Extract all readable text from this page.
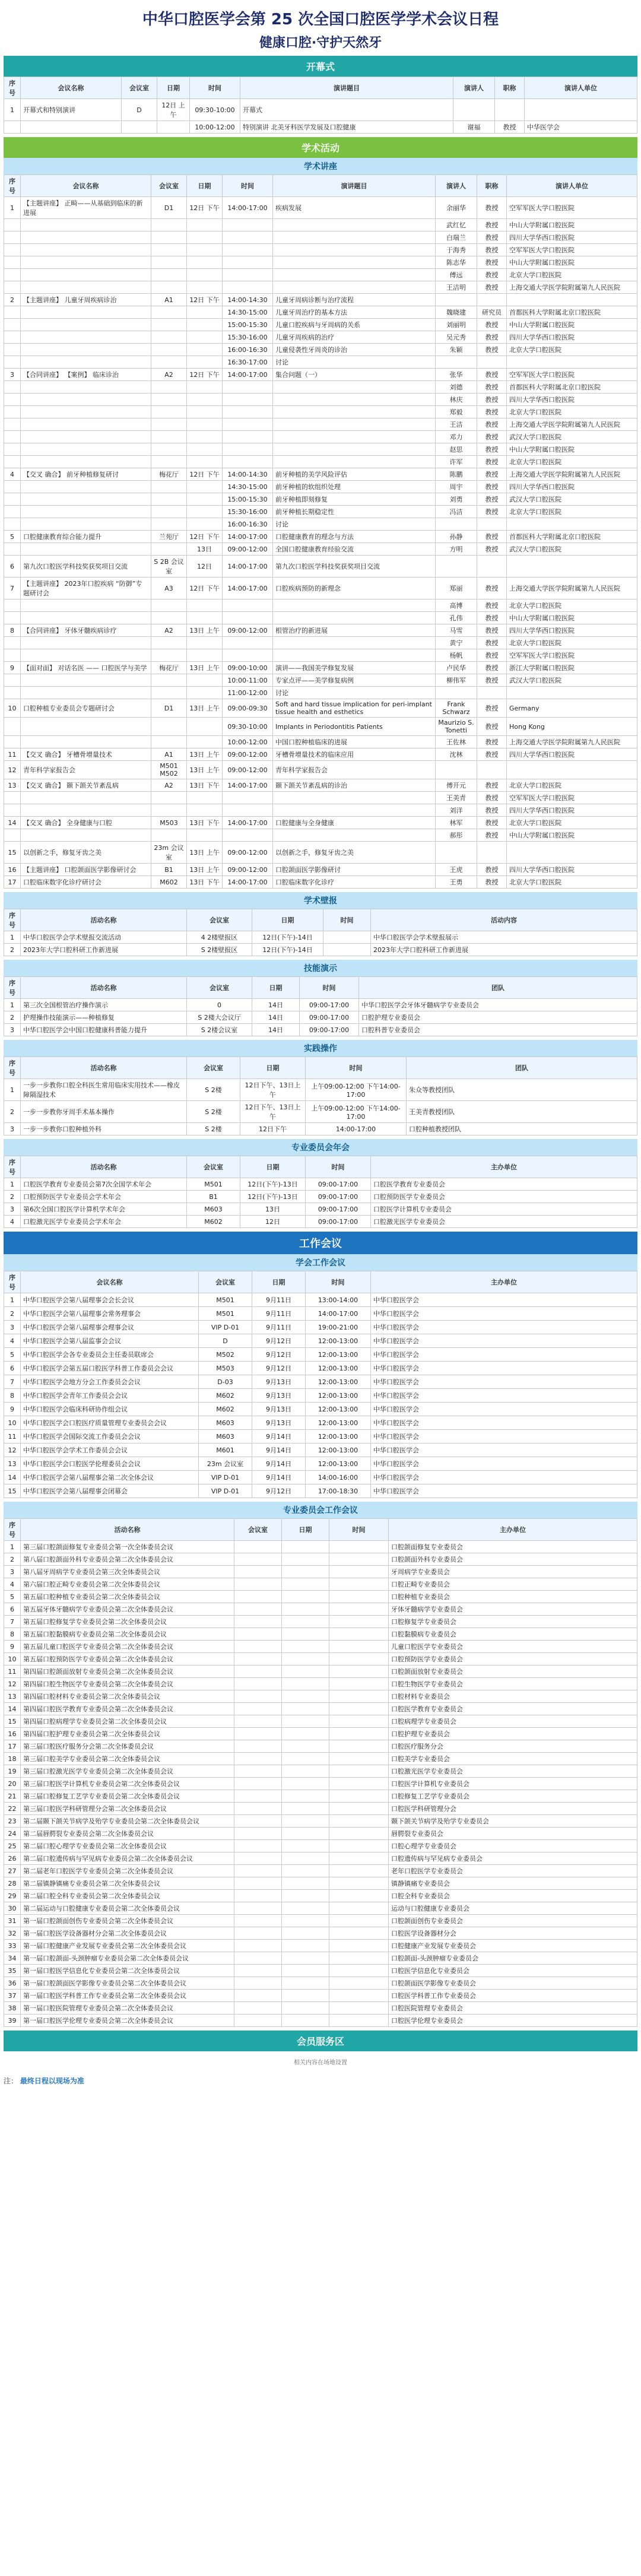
中华口腔医学会第 25 次全国口腔医学学术会议日程
健康口腔·守护天然牙
开幕式
序号	会议名称	会议室	日期	时间	演讲题目	演讲人	职称	演讲人单位
1	开幕式和特别演讲	D	12日 上午	09:30-10:00	开幕式			
				10:00-12:00	特别演讲 北美牙科医学发展及口腔健康	谢福	教授	中华医学会
学术活动
学术讲座
序号	会议名称	会议室	日期	时间	演讲题目	演讲人	职称	演讲人单位
1	【主题讲座】 正畸——从基础到临床的新进展	D1	12日 下午	14:00-17:00	疾病发展	余丽华	教授	空军军医大学口腔医院
						武红忆	教授	中山大学附属口腔医院
						白瑞兰	教授	四川大学华西口腔医院
						于海秀	教授	空军军医大学口腔医院
						陈志华	教授	中山大学附属口腔医院
						傅远	教授	北京大学口腔医院
						王洁明	教授	上海交通大学医学院附属第九人民医院
2	【主题讲座】 儿童牙周疾病诊治	A1	12日 下午	14:00-14:30	儿童牙周病诊断与治疗流程			
				14:30-15:00	儿童牙周治疗的基本方法	魏晓建	研究员	首都医科大学附属北京口腔医院
				15:00-15:30	儿童口腔疾病与牙周病的关系	刘丽明	教授	中山大学附属口腔医院
				15:30-16:00	儿童牙周疾病的治疗	吴元秀	教授	四川大学华西口腔医院
				16:00-16:30	儿童侵袭性牙周炎的诊治	朱颖	教授	北京大学口腔医院
				16:30-17:00	讨论			
3	【合同讲座】 【案例】 临床诊治	A2	12日 下午	14:00-17:00	集合问题（一）	张华	教授	空军军医大学口腔医院
						刘德	教授	首都医科大学附属北京口腔医院
						林庆	教授	四川大学华西口腔医院
						郑毅	教授	北京大学口腔医院
						王洁	教授	上海交通大学医学院附属第九人民医院
						邓力	教授	武汉大学口腔医院
						赵思	教授	中山大学附属口腔医院
						许军	教授	北京大学口腔医院
4	【交叉 确合】 前牙种植修复研讨	梅花厅	12日 下午	14:00-14:30	前牙种植的美学风险评估	陈鹏	教授	上海交通大学医学院附属第九人民医院
				14:30-15:00	前牙种植的软组织处理	周宇	教授	四川大学华西口腔医院
				15:00-15:30	前牙种植即刻修复	刘勇	教授	武汉大学口腔医院
				15:30-16:00	前牙种植长期稳定性	冯洁	教授	北京大学口腔医院
				16:00-16:30	讨论			
5	口腔健康教育综合能力提升	兰苑厅	12日 下午	14:00-17:00	口腔健康教育的理念与方法	孙静	教授	首都医科大学附属北京口腔医院
			13日	09:00-12:00	全国口腔健康教育经验交流	方明	教授	武汉大学口腔医院
6	第九次口腔医学科技奖获奖项目交流	S 2B 会议室	12日	14:00-17:00	第九次口腔医学科技奖获奖项目交流			
7	【主题讲座】 2023年口腔疾病 “防御”专题研讨会	A3	12日 下午	14:00-17:00	口腔疾病预防的新理念	郑丽	教授	上海交通大学医学院附属第九人民医院
						高博	教授	北京大学口腔医院
						孔伟	教授	中山大学附属口腔医院
8	【合同讲座】 牙体牙髓疾病诊疗	A2	13日 上午	09:00-12:00	根管治疗的新进展	马雪	教授	四川大学华西口腔医院
						黄宁	教授	北京大学口腔医院
						杨帆	教授	空军军医大学口腔医院
9	【面对面】 对话名医 —— 口腔医学与美学	梅花厅	13日 上午	09:00-10:00	演讲——我国美学修复发展	卢民华	教授	浙江大学附属口腔医院
				10:00-11:00	专家点评——美学修复病例	柳伟军	教授	武汉大学口腔医院
				11:00-12:00	讨论			
10	口腔种植专业委员会专题研讨会	D1	13日 上午	09:00-09:30	Soft and hard tissue implication for peri-implant tissue health and esthetics	Frank Schwarz	教授	Germany
				09:30-10:00	Implants in Periodontitis Patients	Maurizio S. Tonetti	教授	Hong Kong
				10:00-12:00	中国口腔种植临床的进展	王佐林	教授	上海交通大学医学院附属第九人民医院
11	【交叉 确合】 牙槽骨增量技术	A1	13日 上午	09:00-12:00	牙槽骨增量技术的临床应用	沈林	教授	四川大学华西口腔医院
12	青年科学家报告会	M501 M502	13日 上午	09:00-12:00	青年科学家报告会			
13	【交叉 确合】 颞下颌关节紊乱病	A2	13日 下午	14:00-17:00	颞下颌关节紊乱病的诊治	傅开元	教授	北京大学口腔医院
						王美青	教授	空军军医大学口腔医院
						刘洋	教授	四川大学华西口腔医院
14	【交叉 确合】 全身健康与口腔	M503	13日 下午	14:00-17:00	口腔健康与全身健康	林军	教授	北京大学口腔医院
						郝彤	教授	中山大学附属口腔医院
15	以创新之手，修复牙齿之美	23m 会议室	13日 上午	09:00-12:00	以创新之手，修复牙齿之美			
16	【主题讲座】 口腔颌面医学影像研讨会	B1	13日 上午	09:00-12:00	口腔颌面医学影像研讨	王虎	教授	四川大学华西口腔医院
17	口腔临床数字化诊疗研讨会	M602	13日 下午	14:00-17:00	口腔临床数字化诊疗	王勇	教授	北京大学口腔医院
学术壁报
序号	活动名称	会议室	日期	时间	活动内容
1	中华口腔医学会学术壁报交流活动	4 2楼壁报区	12日(下午)-14日		中华口腔医学会学术壁报展示
2	2023年大学口腔科研工作新进展	S 2楼壁报区	12日(下午)-14日		2023年大学口腔科研工作新进展
技能演示
序号	活动名称	会议室	日期	时间	团队
1	第三次全国根管治疗操作演示	0	14日	09:00-17:00	中华口腔医学会牙体牙髓病学专业委员会
2	护理操作技能演示——种植修复	S 2楼大会议厅	14日	09:00-17:00	口腔护理专业委员会
3	中华口腔医学会中国口腔健康科普能力提升	S 2楼会议室	14日	09:00-17:00	口腔科普专业委员会
实践操作
序号	活动名称	会议室	日期	时间	团队
1	一步一步教你口腔全科医生常用临床实用技术——橡皮障隔湿技术	S 2楼	12日下午、13日上午	上午09:00-12:00 下午14:00-17:00	朱众等教授团队
2	一步一步教你牙周手术基本操作	S 2楼	12日下午、13日上午	上午09:00-12:00 下午14:00-17:00	王美青教授团队
3	一步一步教你口腔种植外科	S 2楼	12日下午	14:00-17:00	口腔种植教授团队
专业委员会年会
序号	活动名称	会议室	日期	时间	主办单位
1	口腔医学教育专业委员会第7次全国学术年会	M501	12日(下午)-13日	09:00-17:00	口腔医学教育专业委员会
2	口腔预防医学专业委员会学术年会	B1	12日(下午)-13日	09:00-17:00	口腔预防医学专业委员会
3	第6次全国口腔医学计算机学术年会	M603	13日	09:00-17:00	口腔医学计算机专业委员会
4	口腔激光医学专业委员会学术年会	M602	12日	09:00-17:00	口腔激光医学专业委员会
工作会议
学会工作会议
序号	会议名称	会议室	日期	时间	主办单位
1	中华口腔医学会第八届理事会会长会议	M501	9月11日	13:00-14:00	中华口腔医学会
2	中华口腔医学会第八届理事会常务理事会	M501	9月11日	14:00-17:00	中华口腔医学会
3	中华口腔医学会第八届理事会理事会议	VIP D-01	9月11日	19:00-21:00	中华口腔医学会
4	中华口腔医学会第八届监事会会议	D	9月12日	12:00-13:00	中华口腔医学会
5	中华口腔医学会各专业委员会主任委员联席会	M502	9月12日	12:00-13:00	中华口腔医学会
6	中华口腔医学会第五届口腔医学科普工作委员会会议	M503	9月12日	12:00-13:00	中华口腔医学会
7	中华口腔医学会地方分会工作委员会会议	D-03	9月13日	12:00-13:00	中华口腔医学会
8	中华口腔医学会青年工作委员会会议	M602	9月13日	12:00-13:00	中华口腔医学会
9	中华口腔医学会临床科研协作组会议	M602	9月13日	12:00-13:00	中华口腔医学会
10	中华口腔医学会口腔医疗质量管理专业委员会会议	M603	9月13日	12:00-13:00	中华口腔医学会
11	中华口腔医学会国际交流工作委员会会议	M603	9月14日	12:00-13:00	中华口腔医学会
12	中华口腔医学会学术工作委员会会议	M601	9月14日	12:00-13:00	中华口腔医学会
13	中华口腔医学会口腔医学伦理委员会会议	23m 会议室	9月14日	12:00-13:00	中华口腔医学会
14	中华口腔医学会第八届理事会第二次全体会议	VIP D-01	9月14日	14:00-16:00	中华口腔医学会
15	中华口腔医学会第八届理事会闭幕会	VIP D-01	9月12日	17:00-18:30	中华口腔医学会
专业委员会工作会议
序号	活动名称	会议室	日期	时间	主办单位
1	第三届口腔颌面修复专业委员会第一次全体委员会议				口腔颌面修复专业委员会
2	第八届口腔颌面外科专业委员会第二次全体委员会议				口腔颌面外科专业委员会
3	第八届牙周病学专业委员会第三次全体委员会议				牙周病学专业委员会
4	第六届口腔正畸专业委员会第二次全体委员会议				口腔正畸专业委员会
5	第五届口腔种植专业委员会第二次全体委员会议				口腔种植专业委员会
6	第五届牙体牙髓病学专业委员会第二次全体委员会议				牙体牙髓病学专业委员会
7	第五届口腔修复学专业委员会第二次全体委员会议				口腔修复学专业委员会
8	第五届口腔黏膜病专业委员会第二次全体委员会议				口腔黏膜病专业委员会
9	第五届儿童口腔医学专业委员会第二次全体委员会议				儿童口腔医学专业委员会
10	第五届口腔预防医学专业委员会第二次全体委员会议				口腔预防医学专业委员会
11	第四届口腔颌面放射专业委员会第二次全体委员会议				口腔颌面放射专业委员会
12	第四届口腔生物医学专业委员会第二次全体委员会议				口腔生物医学专业委员会
13	第四届口腔材料专业委员会第二次全体委员会议				口腔材料专业委员会
14	第四届口腔医学教育专业委员会第二次全体委员会议				口腔医学教育专业委员会
15	第四届口腔病理学专业委员会第二次全体委员会议				口腔病理学专业委员会
16	第四届口腔护理专业委员会第二次全体委员会议				口腔护理专业委员会
17	第三届口腔医疗服务分会第二次全体委员会议				口腔医疗服务分会
18	第三届口腔美学专业委员会第二次全体委员会议				口腔美学专业委员会
19	第三届口腔激光医学专业委员会第二次全体委员会议				口腔激光医学专业委员会
20	第三届口腔医学计算机专业委员会第二次全体委员会议				口腔医学计算机专业委员会
21	第三届口腔修复工艺学专业委员会第二次全体委员会议				口腔修复工艺学专业委员会
22	第三届口腔医学科研管理分会第二次全体委员会议				口腔医学科研管理分会
23	第二届颞下颌关节病学及殆学专业委员会第二次全体委员会议				颞下颌关节病学及殆学专业委员会
24	第二届唇腭裂专业委员会第二次全体委员会议				唇腭裂专业委员会
25	第二届口腔心理学专业委员会第二次全体委员会议				口腔心理学专业委员会
26	第二届口腔遗传病与罕见病专业委员会第二次全体委员会议				口腔遗传病与罕见病专业委员会
27	第二届老年口腔医学专业委员会第二次全体委员会议				老年口腔医学专业委员会
28	第二届镇静镇痛专业委员会第二次全体委员会议				镇静镇痛专业委员会
29	第二届口腔全科专业委员会第二次全体委员会议				口腔全科专业委员会
30	第二届运动与口腔健康专业委员会第二次全体委员会议				运动与口腔健康专业委员会
31	第一届口腔颌面创伤专业委员会第二次全体委员会议				口腔颌面创伤专业委员会
32	第一届口腔医学设备器材分会第二次全体委员会议				口腔医学设备器材分会
33	第一届口腔健康产业发展专业委员会第二次全体委员会议				口腔健康产业发展专业委员会
34	第一届口腔颌面-头颈肿瘤专业委员会第二次全体委员会议				口腔颌面-头颈肿瘤专业委员会
35	第一届口腔医学信息化专业委员会第二次全体委员会议				口腔医学信息化专业委员会
36	第一届口腔颌面医学影像专业委员会第二次全体委员会议				口腔颌面医学影像专业委员会
37	第一届口腔医学科普工作专业委员会第二次全体委员会议				口腔医学科普工作专业委员会
38	第一届口腔医院管理专业委员会第二次全体委员会议				口腔医院管理专业委员会
39	第一届口腔医学伦理专业委员会第二次全体委员会议				口腔医学伦理专业委员会
会员服务区
相关内容在场地设置
注： 最终日程以现场为准
